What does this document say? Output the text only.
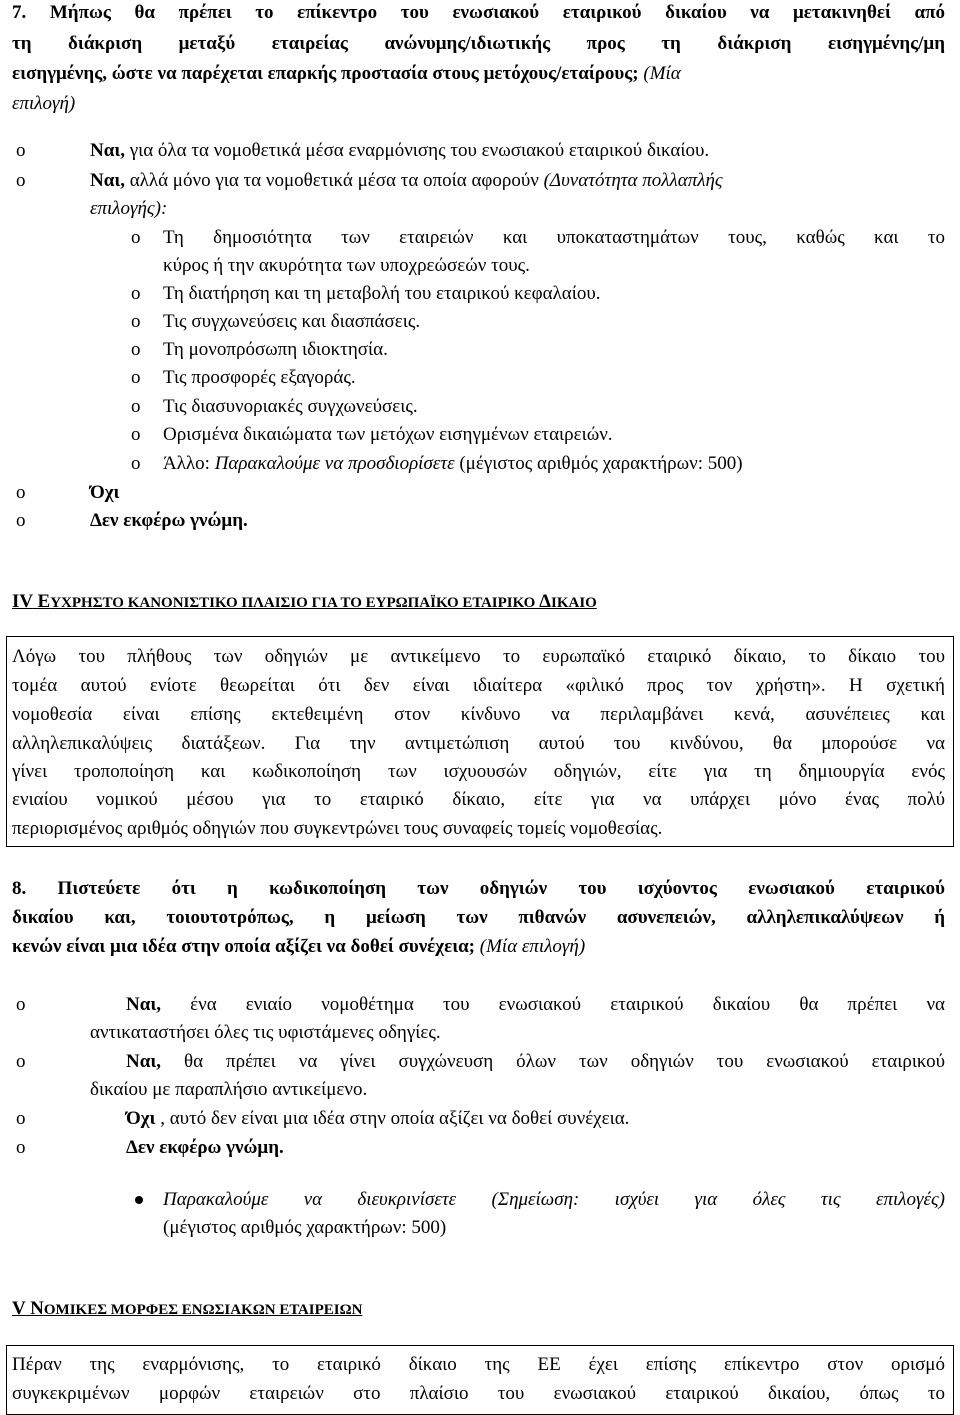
7. Μήπως θα πρέπει το επίκεντρο του ενωσιακού εταιρικού δικαίου να μετακινηθεί από
τη διάκριση μεταξύ εταιρείας ανώνυμης/ιδιωτικής προς τη διάκριση εισηγμένης/μη
εισηγμένης, ώστε να παρέχεται επαρκής προστασία στους μετόχους/εταίρους; (Μία
επιλογή)
o	Ναι, για όλα τα νομοθετικά μέσα εναρμόνισης του ενωσιακού εταιρικού δικαίου.
o	Ναι, αλλά μόνο για τα νομοθετικά μέσα τα οποία αφορούν (Δυνατότητα πολλαπλής
επιλογής):
o Τη δημοσιότητα των εταιρειών και υποκαταστημάτων τους, καθώς και το
κύρος ή την ακυρότητα των υποχρεώσεών τους.
o Τη διατήρηση και τη μεταβολή του εταιρικού κεφαλαίου.
o Τις συγχωνεύσεις και διασπάσεις.
o Τη μονοπρόσωπη ιδιοκτησία.
o Τις προσφορές εξαγοράς.
o Τις διασυνοριακές συγχωνεύσεις.
o Ορισμένα δικαιώματα των μετόχων εισηγμένων εταιρειών.
o Άλλο: Παρακαλούμε να προσδιορίσετε (μέγιστος αριθμός χαρακτήρων: 500)
o	Όχι
o	Δεν εκφέρω γνώμη.
IV ΕΥΧΡΗΣΤΟ ΚΑΝΟΝΙΣΤΙΚΟ ΠΛΑΙΣΙΟ ΓΙΑ ΤΟ ΕΥΡΩΠΑΪΚΟ ΕΤΑΙΡΙΚΟ ΔΙΚΑΙΟ
Λόγω του πλήθους των οδηγιών με αντικείμενο το ευρωπαϊκό εταιρικό δίκαιο, το δίκαιο του
τομέα αυτού ενίοτε θεωρείται ότι δεν είναι ιδιαίτερα «φιλικό προς τον χρήστη». Η σχετική
νομοθεσία είναι επίσης εκτεθειμένη στον κίνδυνο να περιλαμβάνει κενά, ασυνέπειες και
αλληλεπικαλύψεις διατάξεων. Για την αντιμετώπιση αυτού του κινδύνου, θα μπορούσε να
γίνει τροποποίηση και κωδικοποίηση των ισχυουσών οδηγιών, είτε για τη δημιουργία ενός
ενιαίου νομικού μέσου για το εταιρικό δίκαιο, είτε για να υπάρχει μόνο ένας πολύ
περιορισμένος αριθμός οδηγιών που συγκεντρώνει τους συναφείς τομείς νομοθεσίας.
8. Πιστεύετε ότι η κωδικοποίηση των οδηγιών του ισχύοντος ενωσιακού εταιρικού
δικαίου και, τοιουτοτρόπως, η μείωση των πιθανών ασυνεπειών, αλληλεπικαλύψεων ή
κενών είναι μια ιδέα στην οποία αξίζει να δοθεί συνέχεια; (Μία επιλογή)
o	Ναι, ένα ενιαίο νομοθέτημα του ενωσιακού εταιρικού δικαίου θα πρέπει να
αντικαταστήσει όλες τις υφιστάμενες οδηγίες.
o	Ναι, θα πρέπει να γίνει συγχώνευση όλων των οδηγιών του ενωσιακού εταιρικού
δικαίου με παραπλήσιο αντικείμενο.
o	Όχι , αυτό δεν είναι μια ιδέα στην οποία αξίζει να δοθεί συνέχεια.
o	Δεν εκφέρω γνώμη.
Παρακαλούμε να διευκρινίσετε (Σημείωση: ισχύει για όλες τις επιλογές)
(μέγιστος αριθμός χαρακτήρων: 500)
V ΝΟΜΙΚΕΣ ΜΟΡΦΕΣ ΕΝΩΣΙΑΚΩΝ ΕΤΑΙΡΕΙΩΝ
Πέραν της εναρμόνισης, το εταιρικό δίκαιο της ΕΕ έχει επίσης επίκεντρο στον ορισμό
συγκεκριμένων μορφών εταιρειών στο πλαίσιο του ενωσιακού εταιρικού δικαίου, όπως το
